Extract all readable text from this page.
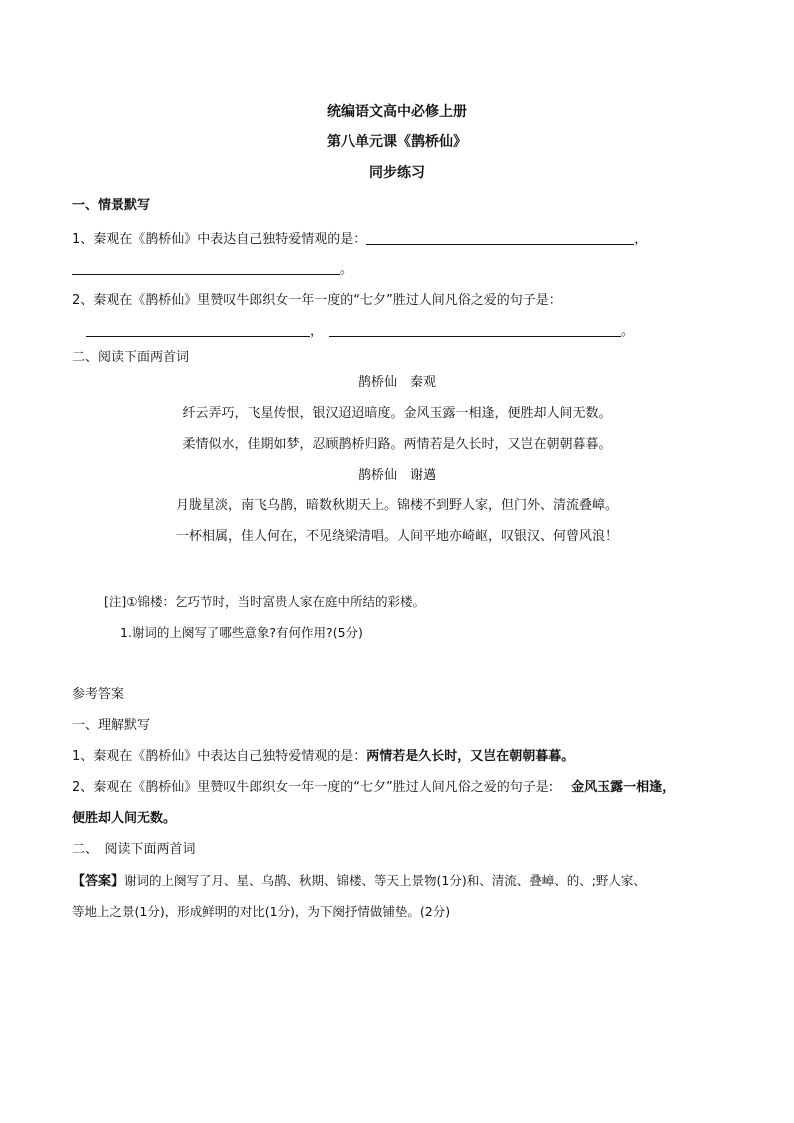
统编语文高中必修上册
第八单元课《鹊桥仙》
同步练习
一、情景默写
1、秦观在《鹊桥仙》中表达自己独特爱情观的是：	，
。
2、秦观在《鹊桥仙》里赞叹牛郎织女一年一度的“七夕”胜过人间凡俗之爱的句子是：
，	。
二、阅读下面两首词
鹊桥仙　秦观
纤云弄巧，飞星传恨，银汉迢迢暗度。金风玉露一相逢，便胜却人间无数。
柔情似水，佳期如梦，忍顾鹊桥归路。两情若是久长时，又岂在朝朝暮暮。
鹊桥仙　谢邁
月胧星淡，南飞乌鹊，暗数秋期天上。锦楼不到野人家，但门外、清流叠嶂。
一杯相属，佳人何在，不见绕梁清唱。人间平地亦崎岖，叹银汉、何曾风浪！
[注]①锦楼：乞巧节时，当时富贵人家在庭中所结的彩楼。
1.谢词的上阕写了哪些意象?有何作用?(5分)
参考答案
一、理解默写
1、秦观在《鹊桥仙》中表达自己独特爱情观的是：两情若是久长时，又岂在朝朝暮暮。
2、秦观在《鹊桥仙》里赞叹牛郎织女一年一度的“七夕”胜过人间凡俗之爱的句子是: 金风玉露一相逢，
便胜却人间无数。
二、　阅读下面两首词
【答案】谢词的上阕写了月、星、乌鹊、秋期、锦楼、等天上景物(1分)和、清流、叠嶂、的、;野人家、
等地上之景(1分)，形成鲜明的对比(1分)，为下阕抒情做铺垫。(2分)
